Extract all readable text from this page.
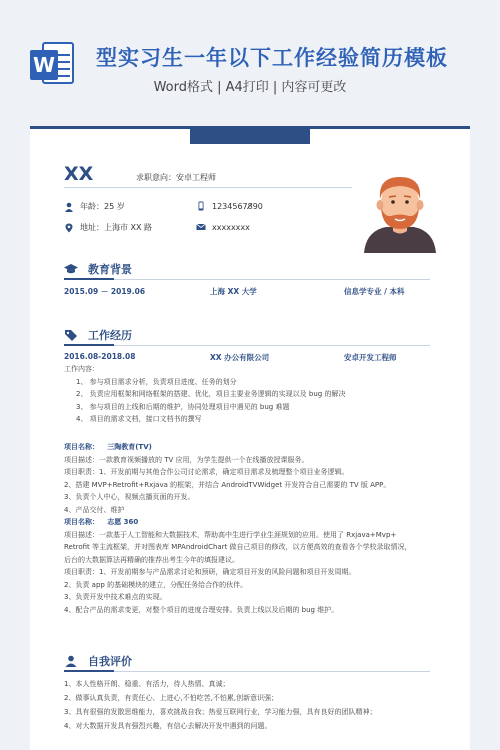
W 型实习生一年以下工作经验简历模板
Word格式 | A4打印 | 内容可更改
XX	求职意向：安卓工程师
年龄：25 岁	12345678̸90
地址：上海市 XX 路	xxxxxxxx
教育背景
2015.09 － 2019.06	上海 XX 大学	信息学专业 / 本科
工作经历
2016.08-2018.08	XX 办公有限公司	安卓开发工程师
工作内容：
1、 参与项目需求分析，负责项目进度、任务的划分
2、 负责应用框架和网络框架的搭建、优化，项目主要业务逻辑的实现以及 bug 的解决
3、 参与项目的上线和后期的维护，协同处理项目中遇见的 bug 难题
4、 项目的需求文档，接口文档书的撰写
项目名称： 三陶教育(TV)
项目描述：一款教育视频播放的 TV 应用，为学生提供一个在线播放授课服务。
项目职责：1、开发前期与其他合作公司讨论需求，确定项目需求及梳理整个项目业务逻辑。
2、搭建 MVP+Retrofit+Rxjava 的框架，并结合 AndroidTVWidget 开发符合自己需要的 TV 版 APP。
3、负责个人中心，视频点播页面的开发。
4、产品交付、维护
项目名称： 志愿 360
项目描述：一款基于人工智能和大数据技术，帮助高中生进行学业生涯规划的应用。使用了 Rxjava+Mvp+
Retrofit 等主流框架，并对图表库 MPAndroidChart 做自己项目的修改，以方便高效的查看各个学校录取情况，
后台的大数据算法再精确的推荐出考生今年的填报建议。
项目职责：1、开发前期参与产品需求讨论和预研，确定项目开发的风险问题和项目开发周期。
2、负责 app 的基础模块的建立，分配任务给合作的伙伴。
3、负责开发中技术难点的实现。
4、配合产品的需求变更，对整个项目的进度合理安排。负责上线以及后期的 bug 维护。
自我评价
1、本人性格开朗、稳重、有活力，待人热情、真诚；
2、做事认真负责，有责任心、上进心,不怕吃苦,不怕累,创新意识强；
3、具有很强的发散思维能力，喜欢挑战自我；热爱互联网行业，学习能力强，具有良好的团队精神；
4、对大数据开发具有强烈兴趣，有信心去解决开发中遇到的问题。
